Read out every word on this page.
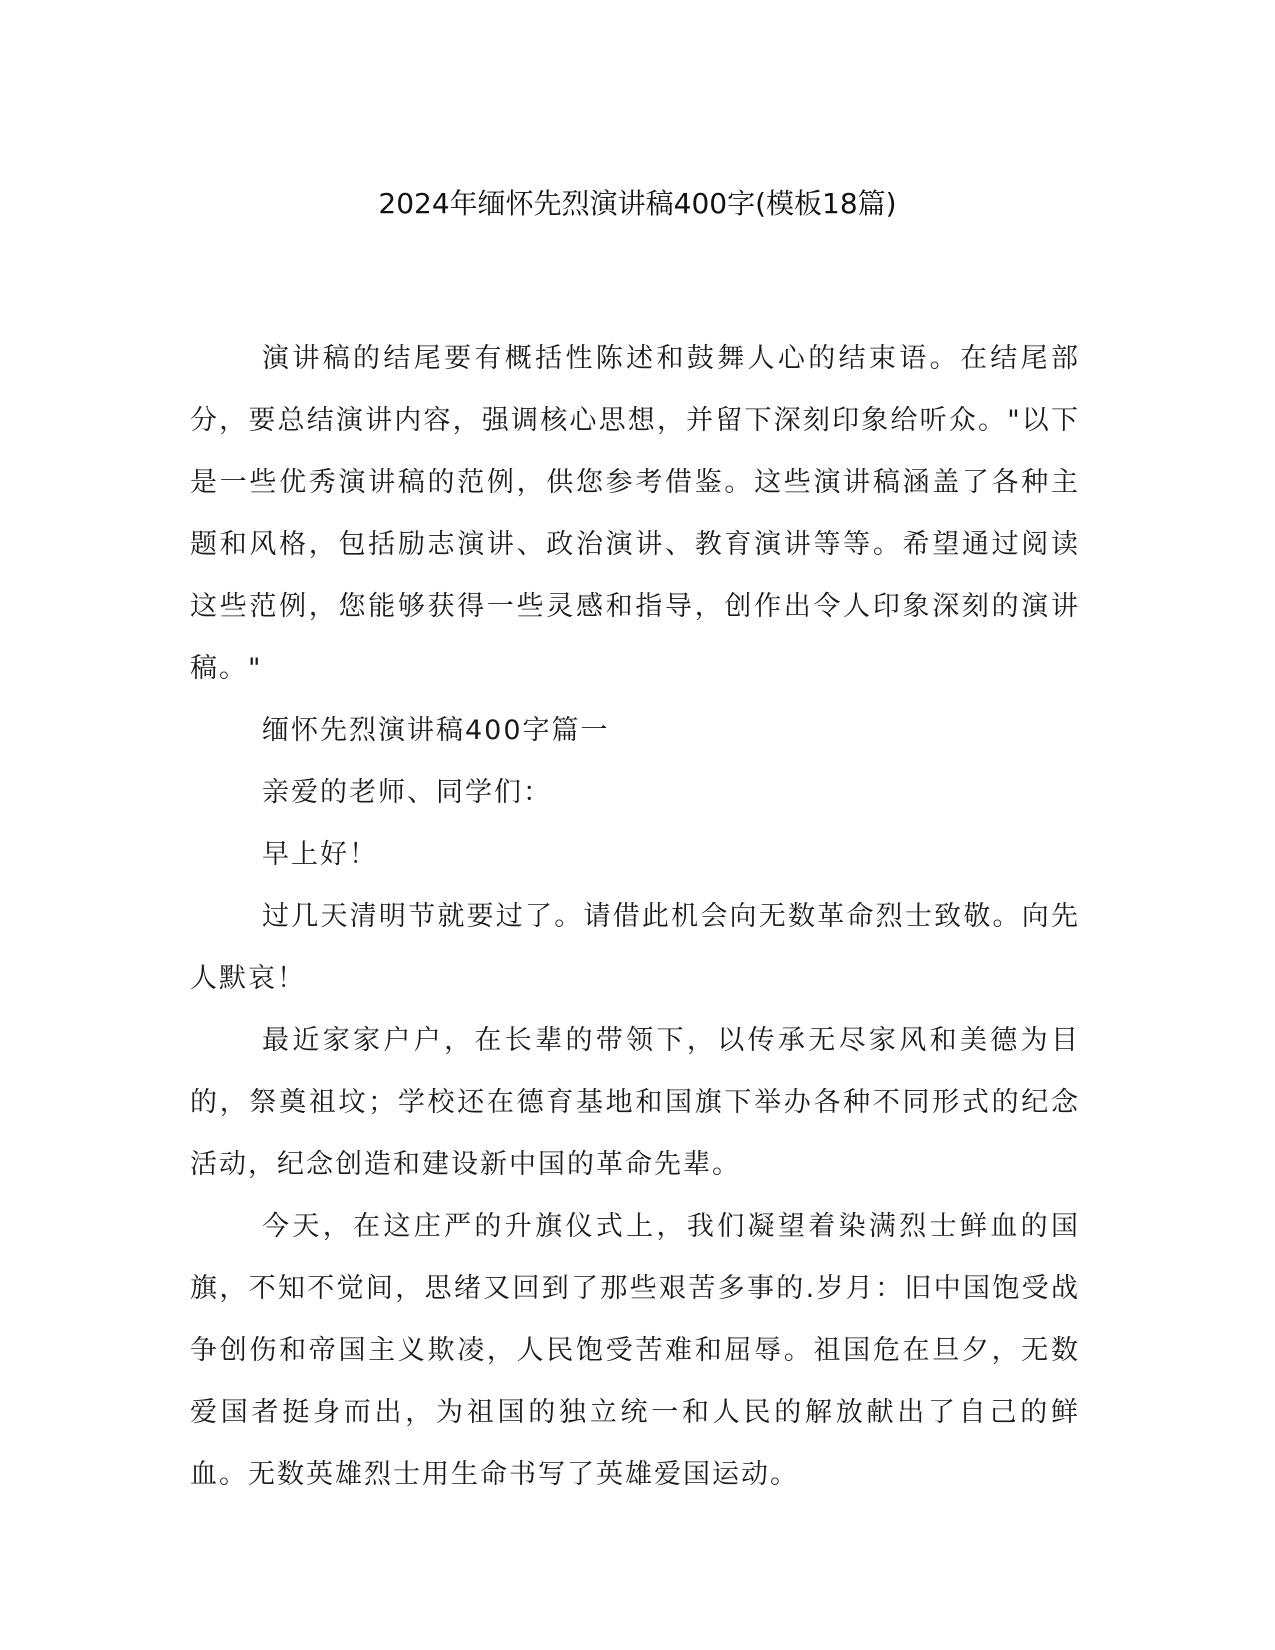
2024年缅怀先烈演讲稿400字(模板18篇)

演讲稿的结尾要有概括性陈述和鼓舞人心的结束语。在结尾部分，要总结演讲内容，强调核心思想，并留下深刻印象给听众。"以下是一些优秀演讲稿的范例，供您参考借鉴。这些演讲稿涵盖了各种主题和风格，包括励志演讲、政治演讲、教育演讲等等。希望通过阅读这些范例，您能够获得一些灵感和指导，创作出令人印象深刻的演讲稿。"

缅怀先烈演讲稿400字篇一

亲爱的老师、同学们：

早上好！

过几天清明节就要过了。请借此机会向无数革命烈士致敬。向先人默哀！

最近家家户户，在长辈的带领下，以传承无尽家风和美德为目的，祭奠祖坟；学校还在德育基地和国旗下举办各种不同形式的纪念活动，纪念创造和建设新中国的革命先辈。

今天，在这庄严的升旗仪式上，我们凝望着染满烈士鲜血的国旗，不知不觉间，思绪又回到了那些艰苦多事的.岁月：旧中国饱受战争创伤和帝国主义欺凌，人民饱受苦难和屈辱。祖国危在旦夕，无数爱国者挺身而出，为祖国的独立统一和人民的解放献出了自己的鲜血。无数英雄烈士用生命书写了英雄爱国运动。
